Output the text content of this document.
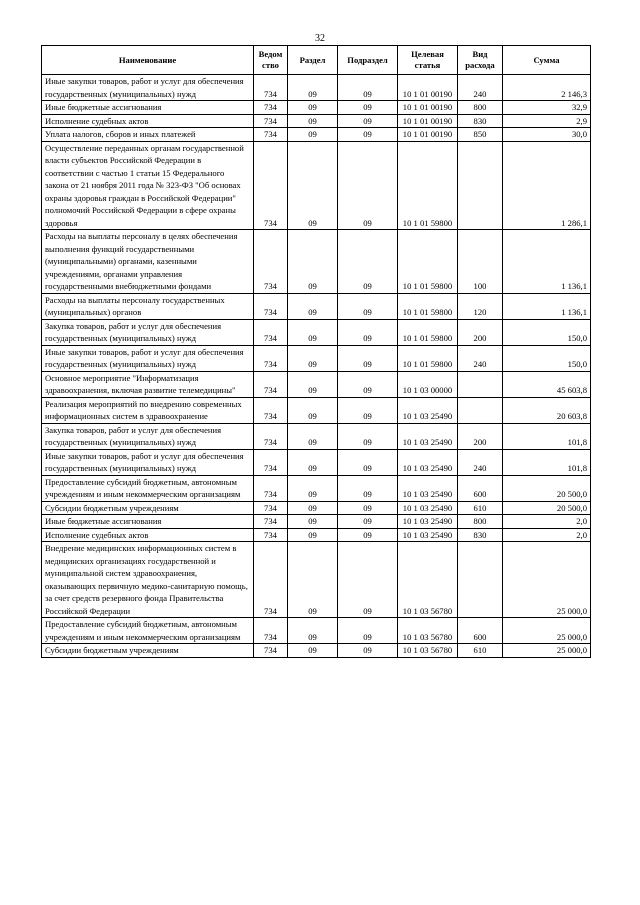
32
Наименование	Ведом ство	Раздел	Подраздел	Целевая статья	Вид расхода	Сумма
Иные закупки товаров, работ и услуг для обеспечения государственных (муниципальных) нужд	734	09	09	10 1 01 00190	240	2 146,3
Иные бюджетные ассигнования	734	09	09	10 1 01 00190	800	32,9
Исполнение судебных актов	734	09	09	10 1 01 00190	830	2,9
Уплата налогов, сборов и иных платежей	734	09	09	10 1 01 00190	850	30,0
Осуществление переданных органам государственной власти субъектов Российской Федерации в соответствии с частью 1 статьи 15 Федерального закона от 21 ноября 2011 года № 323-ФЗ "Об основах охраны здоровья граждан в Российской Федерации" полномочий Российской Федерации в сфере охраны здоровья	734	09	09	10 1 01 59800		1 286,1
Расходы на выплаты персоналу в целях обеспечения выполнения функций государственными (муниципальными) органами, казенными учреждениями, органами управления государственными внебюджетными фондами	734	09	09	10 1 01 59800	100	1 136,1
Расходы на выплаты персоналу государственных (муниципальных) органов	734	09	09	10 1 01 59800	120	1 136,1
Закупка товаров, работ и услуг для обеспечения государственных (муниципальных) нужд	734	09	09	10 1 01 59800	200	150,0
Иные закупки товаров, работ и услуг для обеспечения государственных (муниципальных) нужд	734	09	09	10 1 01 59800	240	150,0
Основное мероприятие "Информатизация здравоохранения, включая развитие телемедицины"	734	09	09	10 1 03 00000		45 603,8
Реализация мероприятий по внедрению современных информационных систем в здравоохранение	734	09	09	10 1 03 25490		20 603,8
Закупка товаров, работ и услуг для обеспечения государственных (муниципальных) нужд	734	09	09	10 1 03 25490	200	101,8
Иные закупки товаров, работ и услуг для обеспечения государственных (муниципальных) нужд	734	09	09	10 1 03 25490	240	101,8
Предоставление субсидий бюджетным, автономным учреждениям и иным некоммерческим организациям	734	09	09	10 1 03 25490	600	20 500,0
Субсидии бюджетным учреждениям	734	09	09	10 1 03 25490	610	20 500,0
Иные бюджетные ассигнования	734	09	09	10 1 03 25490	800	2,0
Исполнение судебных актов	734	09	09	10 1 03 25490	830	2,0
Внедрение медицинских информационных систем в медицинских организациях государственной и муниципальной систем здравоохранения, оказывающих первичную медико-санитарную помощь, за счет средств резервного фонда Правительства Российской Федерации	734	09	09	10 1 03 56780		25 000,0
Предоставление субсидий бюджетным, автономным учреждениям и иным некоммерческим организациям	734	09	09	10 1 03 56780	600	25 000,0
Субсидии бюджетным учреждениям	734	09	09	10 1 03 56780	610	25 000,0
